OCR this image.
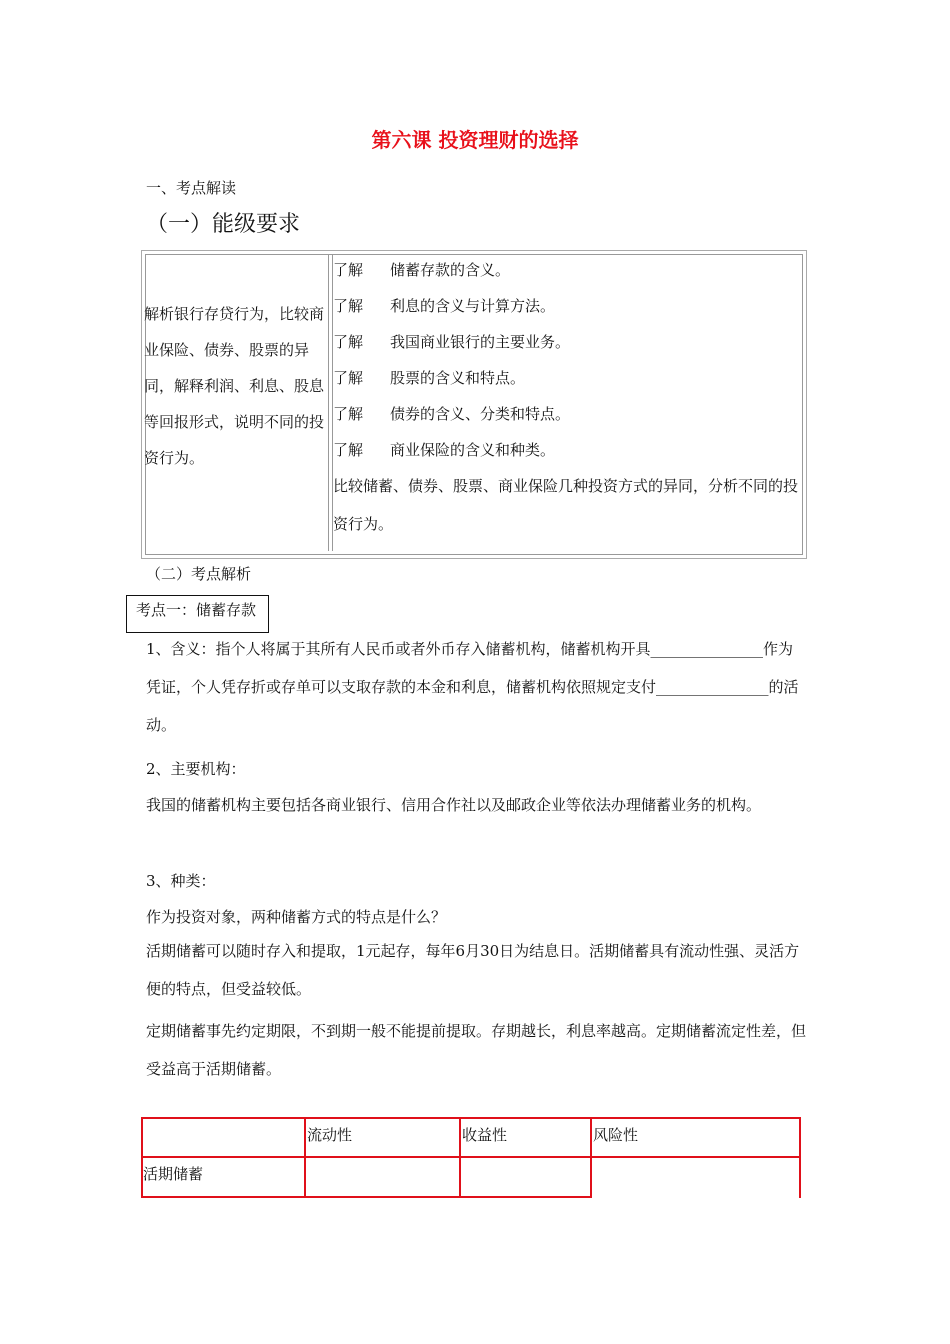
第六课 投资理财的选择
一、考点解读
（一）能级要求
解析银行存贷行为，比较商业保险、债券、股票的异同，解释利润、利息、股息等回报形式，说明不同的投资行为。
了解 储蓄存款的含义。
了解 利息的含义与计算方法。
了解 我国商业银行的主要业务。
了解 股票的含义和特点。
了解 债券的含义、分类和特点。
了解 商业保险的含义和种类。
比较储蓄、债券、股票、商业保险几种投资方式的异同，分析不同的投资行为。
（二）考点解析
考点一：储蓄存款
1、含义：指个人将属于其所有人民币或者外币存入储蓄机构，储蓄机构开具_______________作为凭证，个人凭存折或存单可以支取存款的本金和利息，储蓄机构依照规定支付_______________的活动。
2、主要机构：
我国的储蓄机构主要包括各商业银行、信用合作社以及邮政企业等依法办理储蓄业务的机构。
3、种类：
作为投资对象，两种储蓄方式的特点是什么？
活期储蓄可以随时存入和提取，1元起存，每年6月30日为结息日。活期储蓄具有流动性强、灵活方便的特点，但受益较低。
定期储蓄事先约定期限，不到期一般不能提前提取。存期越长，利息率越高。定期储蓄流定性差，但受益高于活期储蓄。
流动性	收益性	风险性
活期储蓄
